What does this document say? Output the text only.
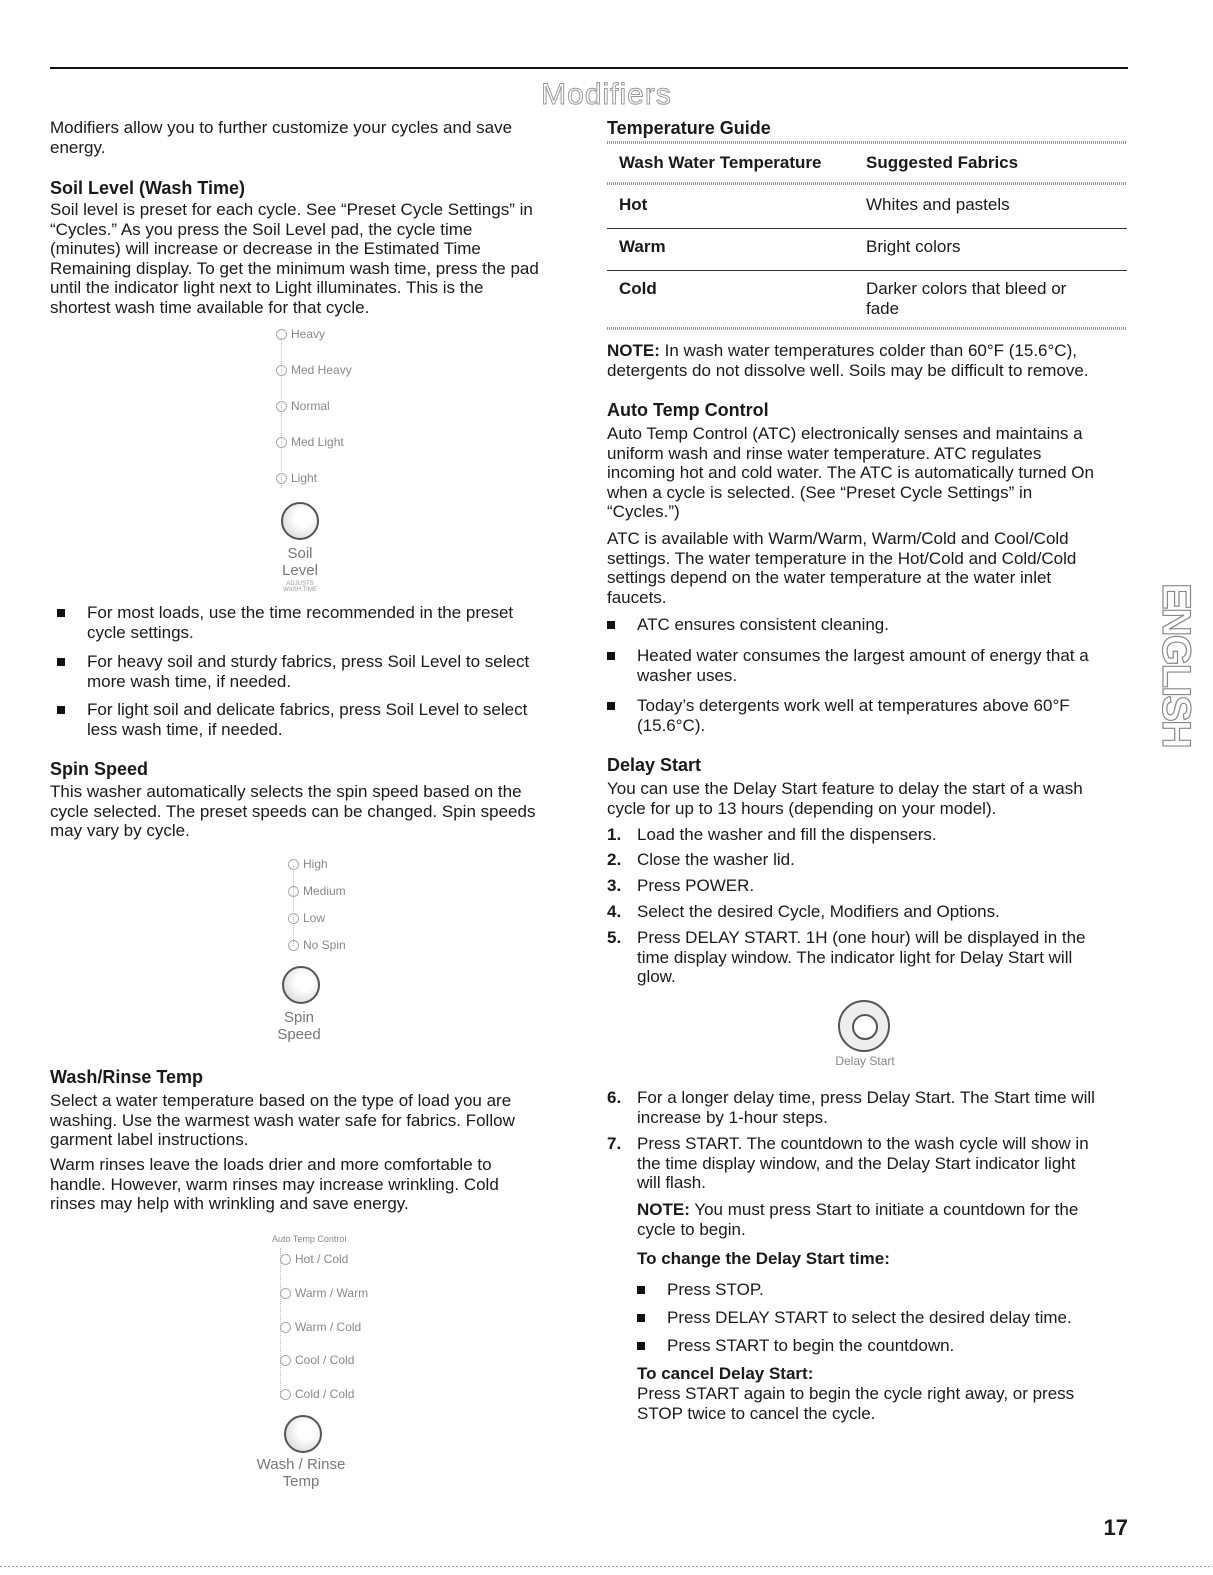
Modifiers

Modifiers allow you to further customize your cycles and save energy.

Soil Level (Wash Time)

Soil level is preset for each cycle. See “Preset Cycle Settings” in

“Cycles.” As you press the Soil Level pad, the cycle time

(minutes) will increase or decrease in the Estimated Time

Remaining display. To get the minimum wash time, press the pad

until the indicator light next to Light illuminates. This is the

shortest wash time available for that cycle.

Heavy
Med Heavy
Normal
Med Light
Light
Soil
Level
ADJUSTS
WASH TIME
For most loads, use the time recommended in the preset
cycle settings.
For heavy soil and sturdy fabrics, press Soil Level to select
more wash time, if needed.
For light soil and delicate fabrics, press Soil Level to select
less wash time, if needed.
Spin Speed

This washer automatically selects the spin speed based on the

cycle selected. The preset speeds can be changed. Spin speeds

may vary by cycle.

High
Medium
Low
No Spin
Spin
Speed
Wash/Rinse Temp

Select a water temperature based on the type of load you are

washing. Use the warmest wash water safe for fabrics. Follow

garment label instructions.

Warm rinses leave the loads drier and more comfortable to

handle. However, warm rinses may increase wrinkling. Cold

rinses may help with wrinkling and save energy.

Auto Temp Control
Hot / Cold
Warm / Warm
Warm / Cold
Cool / Cold
Cold / Cold
Wash / Rinse
Temp
Temperature Guide
Wash Water Temperature	Suggested Fabrics
Hot	Whites and pastels
Warm	Bright colors
Cold	Darker colors that bleed or
fade
NOTE: In wash water temperatures colder than 60°F (15.6°C),
detergents do not dissolve well. Soils may be difficult to remove.
Auto Temp Control

Auto Temp Control (ATC) electronically senses and maintains a

uniform wash and rinse water temperature. ATC regulates

incoming hot and cold water. The ATC is automatically turned On

when a cycle is selected. (See “Preset Cycle Settings” in

“Cycles.”)

ATC is available with Warm/Warm, Warm/Cold and Cool/Cold

settings. The water temperature in the Hot/Cold and Cold/Cold

settings depend on the water temperature at the water inlet

faucets.

ATC ensures consistent cleaning.
Heated water consumes the largest amount of energy that a
washer uses.
Today’s detergents work well at temperatures above 60°F
(15.6°C).
Delay Start

You can use the Delay Start feature to delay the start of a wash

cycle for up to 13 hours (depending on your model).

1. Load the washer and fill the dispensers.
2. Close the washer lid.
3. Press POWER.
4. Select the desired Cycle, Modifiers and Options.
5. Press DELAY START. 1H (one hour) will be displayed in the
time display window. The indicator light for Delay Start will
glow.
Delay Start
6. For a longer delay time, press Delay Start. The Start time will
increase by 1-hour steps.
7. Press START. The countdown to the wash cycle will show in
the time display window, and the Delay Start indicator light
will flash.
NOTE: You must press Start to initiate a countdown for the
cycle to begin.
To change the Delay Start time:
Press STOP.
Press DELAY START to select the desired delay time.
Press START to begin the countdown.
To cancel Delay Start:

Press START again to begin the cycle right away, or press

STOP twice to cancel the cycle.

ENGLISH
17
